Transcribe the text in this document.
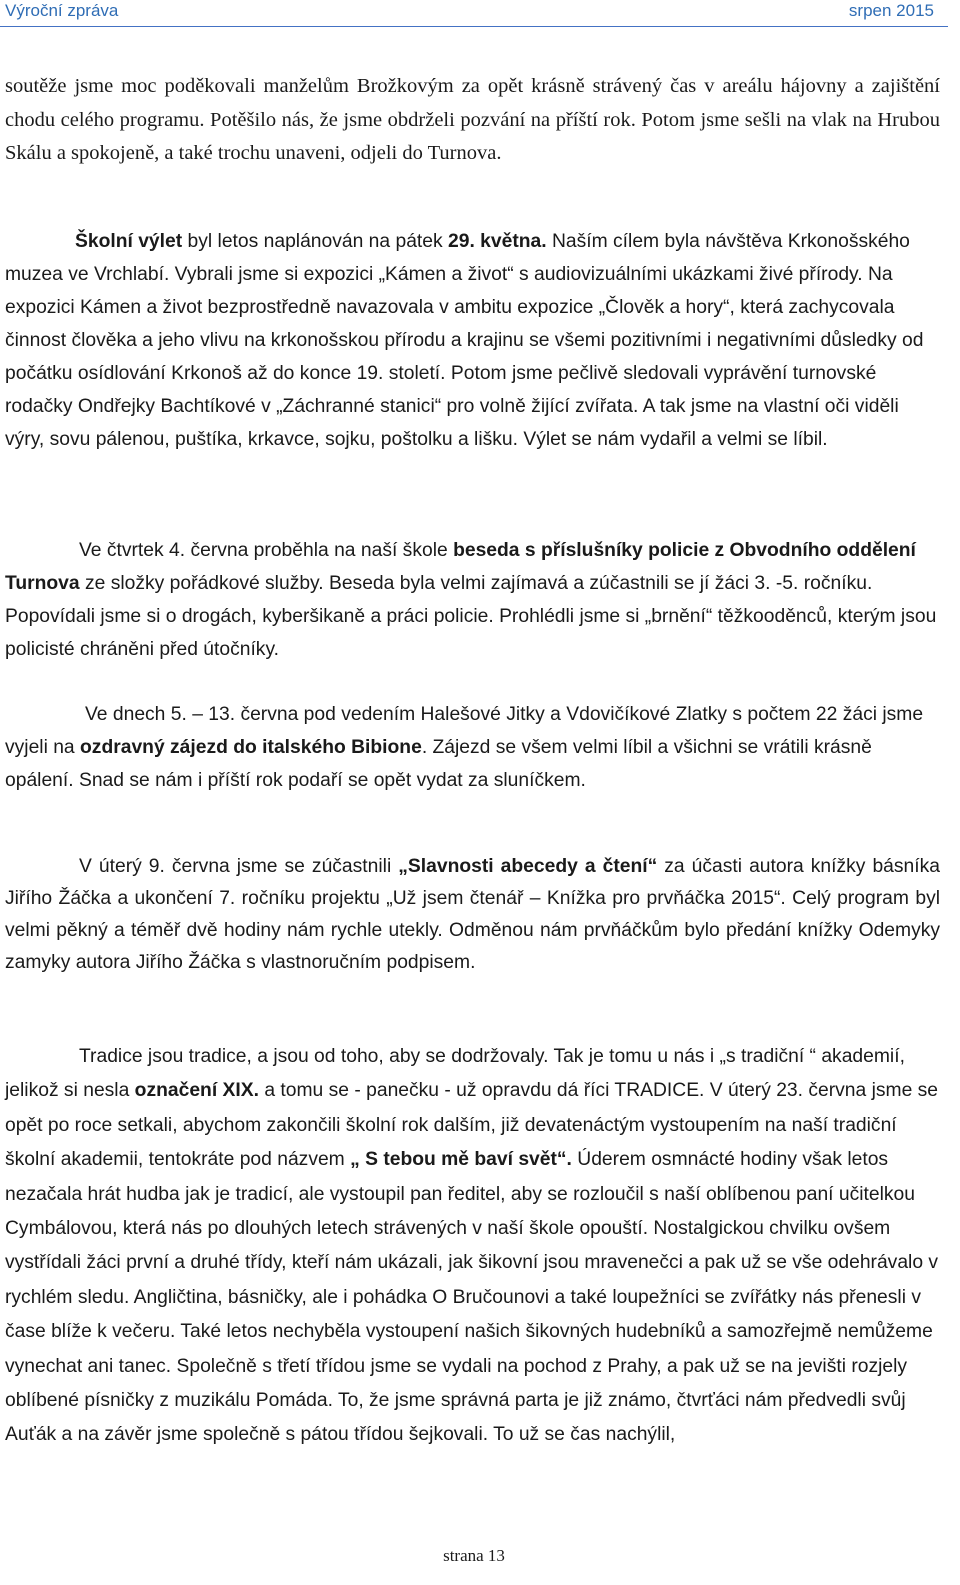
Výroční zpráva	srpen 2015

soutěže jsme moc poděkovali manželům Brožkovým za opět krásně strávený čas v areálu hájovny a zajištění chodu celého programu. Potěšilo nás, že jsme obdrželi pozvání na příští rok. Potom jsme sešli na vlak na Hrubou Skálu a spokojeně, a také trochu unaveni, odjeli do Turnova.

Školní výlet byl letos naplánován na pátek 29. května. Naším cílem byla návštěva Krkonošského muzea ve Vrchlabí. Vybrali jsme si expozici „Kámen a život“ s audiovizuálními ukázkami živé přírody. Na expozici Kámen a život bezprostředně navazovala v ambitu expozice „Člověk a hory“, která zachycovala činnost člověka a jeho vlivu na krkonošskou přírodu a krajinu se všemi pozitivními i negativními důsledky od počátku osídlování Krkonoš až do konce 19. století. Potom jsme pečlivě sledovali vyprávění turnovské rodačky Ondřejky Bachtíkové v „Záchranné stanici“ pro volně žijící zvířata. A tak jsme na vlastní oči viděli výry, sovu pálenou, puštíka, krkavce, sojku, poštolku a lišku. Výlet se nám vydařil a velmi se líbil.

Ve čtvrtek 4. června proběhla na naší škole beseda s příslušníky policie z Obvodního oddělení Turnova ze složky pořádkové služby. Beseda byla velmi zajímavá a zúčastnili se jí žáci 3. -5. ročníku. Popovídali jsme si o drogách, kyberšikaně a práci policie. Prohlédli jsme si „brnění“ těžkooděnců, kterým jsou policisté chráněni před útočníky.

Ve dnech 5. – 13. června pod vedením Halešové Jitky a Vdovičíkové Zlatky s počtem 22 žáci jsme vyjeli na ozdravný zájezd do italského Bibione. Zájezd se všem velmi líbil a všichni se vrátili krásně opálení. Snad se nám i příští rok podaří se opět vydat za sluníčkem.

V úterý 9. června jsme se zúčastnili „Slavnosti abecedy a čtení“ za účasti autora knížky básníka Jiřího Žáčka a ukončení 7. ročníku projektu „Už jsem čtenář – Knížka pro prvňáčka 2015“. Celý program byl velmi pěkný a téměř dvě hodiny nám rychle utekly. Odměnou nám prvňáčkům bylo předání knížky Odemyky zamyky autora Jiřího Žáčka s vlastnoručním podpisem.

Tradice jsou tradice, a jsou od toho, aby se dodržovaly. Tak je tomu u nás i „s tradiční “ akademií, jelikož si nesla označení XIX. a tomu se - panečku - už opravdu dá říci TRADICE. V úterý 23. června jsme se opět po roce setkali, abychom zakončili školní rok dalším, již devatenáctým vystoupením na naší tradiční školní akademii, tentokráte pod názvem „ S tebou mě baví svět“. Úderem osmnácté hodiny však letos nezačala hrát hudba jak je tradicí, ale vystoupil pan ředitel, aby se rozloučil s naší oblíbenou paní učitelkou Cymbálovou, která nás po dlouhých letech strávených v naší škole opouští. Nostalgickou chvilku ovšem vystřídali žáci první a druhé třídy, kteří nám ukázali, jak šikovní jsou mravenečci a pak už se vše odehrávalo v rychlém sledu. Angličtina, básničky, ale i pohádka O Bručounovi a také loupežníci se zvířátky nás přenesli v čase blíže k večeru. Také letos nechyběla vystoupení našich šikovných hudebníků a samozřejmě nemůžeme vynechat ani tanec. Společně s třetí třídou jsme se vydali na pochod z Prahy, a pak už se na jevišti rozjely oblíbené písničky z muzikálu Pomáda. To, že jsme správná parta je již známo, čtvrťáci nám předvedli svůj Auťák a na závěr jsme společně s pátou třídou šejkovali. To už se čas nachýlil,

strana 13
